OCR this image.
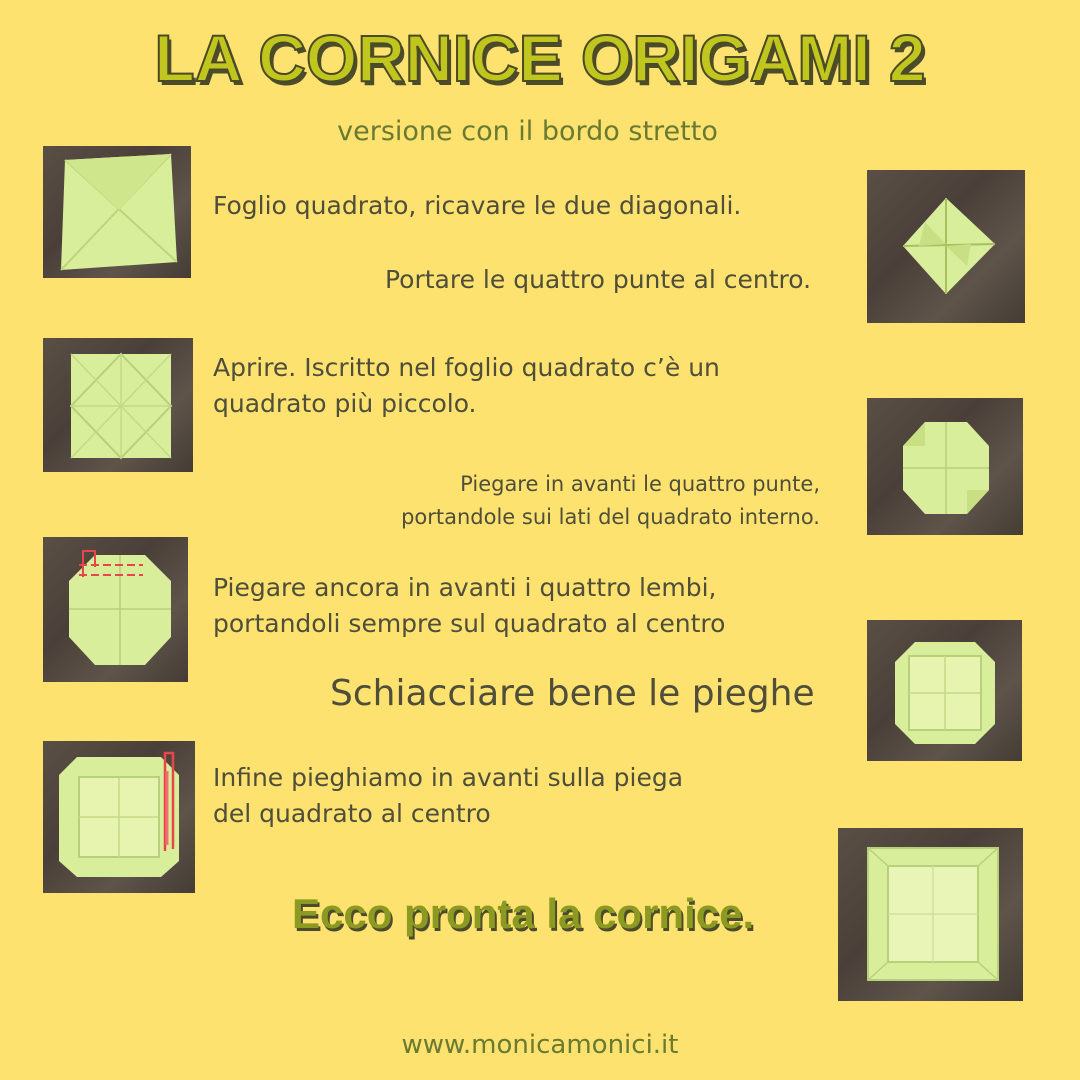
LA CORNICE ORIGAMI 2
versione con il bordo stretto
Foglio quadrato, ricavare le due diagonali.
Portare le quattro punte al centro.
Aprire. Iscritto nel foglio quadrato c’è un
quadrato più piccolo.
Piegare in avanti le quattro punte,
portandole sui lati del quadrato interno.
Piegare ancora in avanti i quattro lembi,
portandoli sempre sul quadrato al centro
Schiacciare bene le pieghe
Infine pieghiamo in avanti sulla piega
del quadrato al centro
Ecco pronta la cornice.
www.monicamonici.it
